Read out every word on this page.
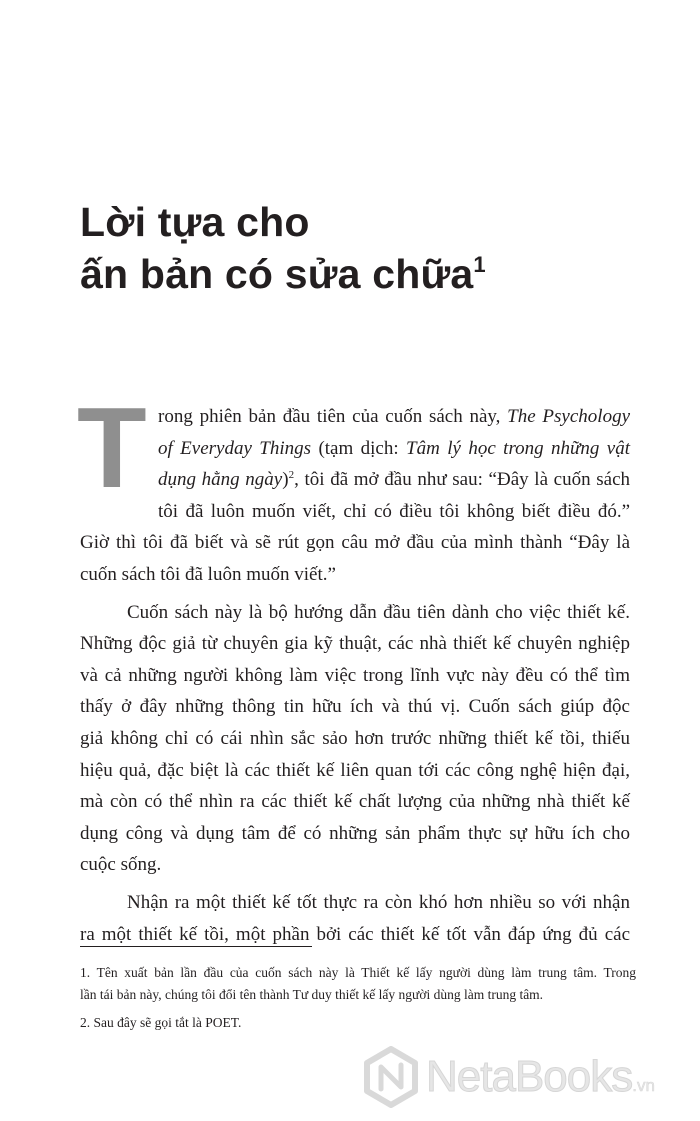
Lời tựa cho
ấn bản có sửa chữa$^1$
T rong phiên bản đầu tiên của cuốn sách này, The Psychology
of Everyday Things (tạm dịch: Tâm lý học trong những vật
dụng hằng ngày)$^2$, tôi đã mở đầu như sau: “Đây là cuốn sách
tôi đã luôn muốn viết, chỉ có điều tôi không biết điều đó.”
Giờ thì tôi đã biết và sẽ rút gọn câu mở đầu của mình thành “Đây là
cuốn sách tôi đã luôn muốn viết.”
Cuốn sách này là bộ hướng dẫn đầu tiên dành cho việc thiết kế.
Những độc giả từ chuyên gia kỹ thuật, các nhà thiết kế chuyên nghiệp
và cả những người không làm việc trong lĩnh vực này đều có thể tìm
thấy ở đây những thông tin hữu ích và thú vị. Cuốn sách giúp độc
giả không chỉ có cái nhìn sắc sảo hơn trước những thiết kế tồi, thiếu
hiệu quả, đặc biệt là các thiết kế liên quan tới các công nghệ hiện đại,
mà còn có thể nhìn ra các thiết kế chất lượng của những nhà thiết kế
dụng công và dụng tâm để có những sản phẩm thực sự hữu ích cho
cuộc sống.
Nhận ra một thiết kế tốt thực ra còn khó hơn nhiều so với nhận
ra một thiết kế tồi, một phần bởi các thiết kế tốt vẫn đáp ứng đủ các
1. Tên xuất bản lần đầu của cuốn sách này là Thiết kế lấy người dùng làm trung tâm. Trong
lần tái bản này, chúng tôi đổi tên thành Tư duy thiết kế lấy người dùng làm trung tâm.
2. Sau đây sẽ gọi tắt là POET.
NetaBooks.vn
